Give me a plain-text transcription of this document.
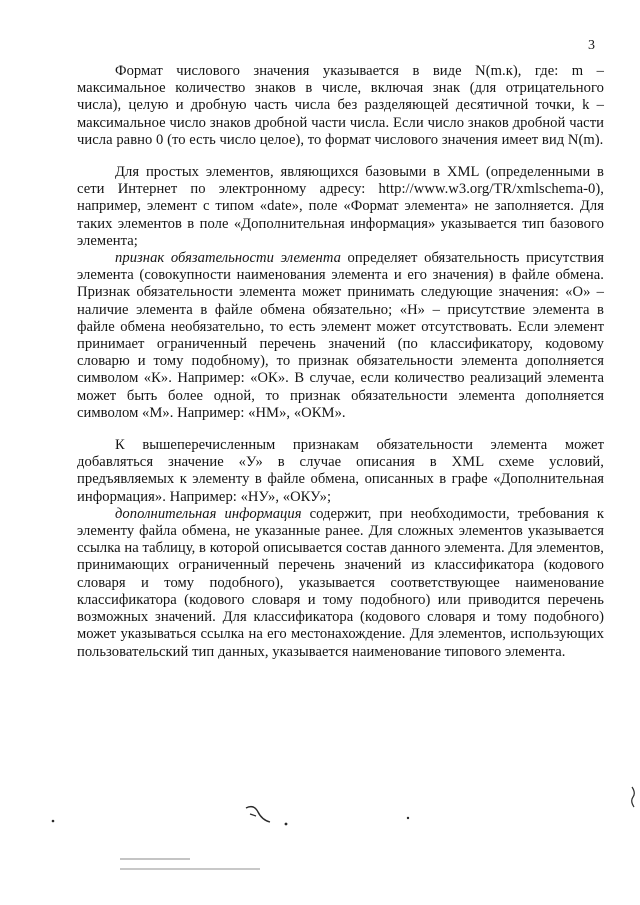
3

Формат числового значения указывается в виде N(m.к), где: m – максимальное количество знаков в числе, включая знак (для отрицательного числа), целую и дробную часть числа без разделяющей десятичной точки, k – максимальное число знаков дробной части числа. Если число знаков дробной части числа равно 0 (то есть число целое), то формат числового значения имеет вид N(m).

Для простых элементов, являющихся базовыми в XML (определенными в сети Интернет по электронному адресу: http://www.w3.org/TR/xmlschema-0), например, элемент с типом «date», поле «Формат элемента» не заполняется. Для таких элементов в поле «Дополнительная информация» указывается тип базового элемента;

признак обязательности элемента определяет обязательность присутствия элемента (совокупности наименования элемента и его значения) в файле обмена. Признак обязательности элемента может принимать следующие значения: «О» – наличие элемента в файле обмена обязательно; «Н» – присутствие элемента в файле обмена необязательно, то есть элемент может отсутствовать. Если элемент принимает ограниченный перечень значений (по классификатору, кодовому словарю и тому подобному), то признак обязательности элемента дополняется символом «К». Например: «ОК». В случае, если количество реализаций элемента может быть более одной, то признак обязательности элемента дополняется символом «М». Например: «НМ», «ОКМ».

К вышеперечисленным признакам обязательности элемента может добавляться значение «У» в случае описания в XML схеме условий, предъявляемых к элементу в файле обмена, описанных в графе «Дополнительная информация». Например: «НУ», «ОКУ»;

дополнительная информация содержит, при необходимости, требования к элементу файла обмена, не указанные ранее. Для сложных элементов указывается ссылка на таблицу, в которой описывается состав данного элемента. Для элементов, принимающих ограниченный перечень значений из классификатора (кодового словаря и тому подобного), указывается соответствующее наименование классификатора (кодового словаря и тому подобного) или приводится перечень возможных значений. Для классификатора (кодового словаря и тому подобного) может указываться ссылка на его местонахождение. Для элементов, использующих пользовательский тип данных, указывается наименование типового элемента.
